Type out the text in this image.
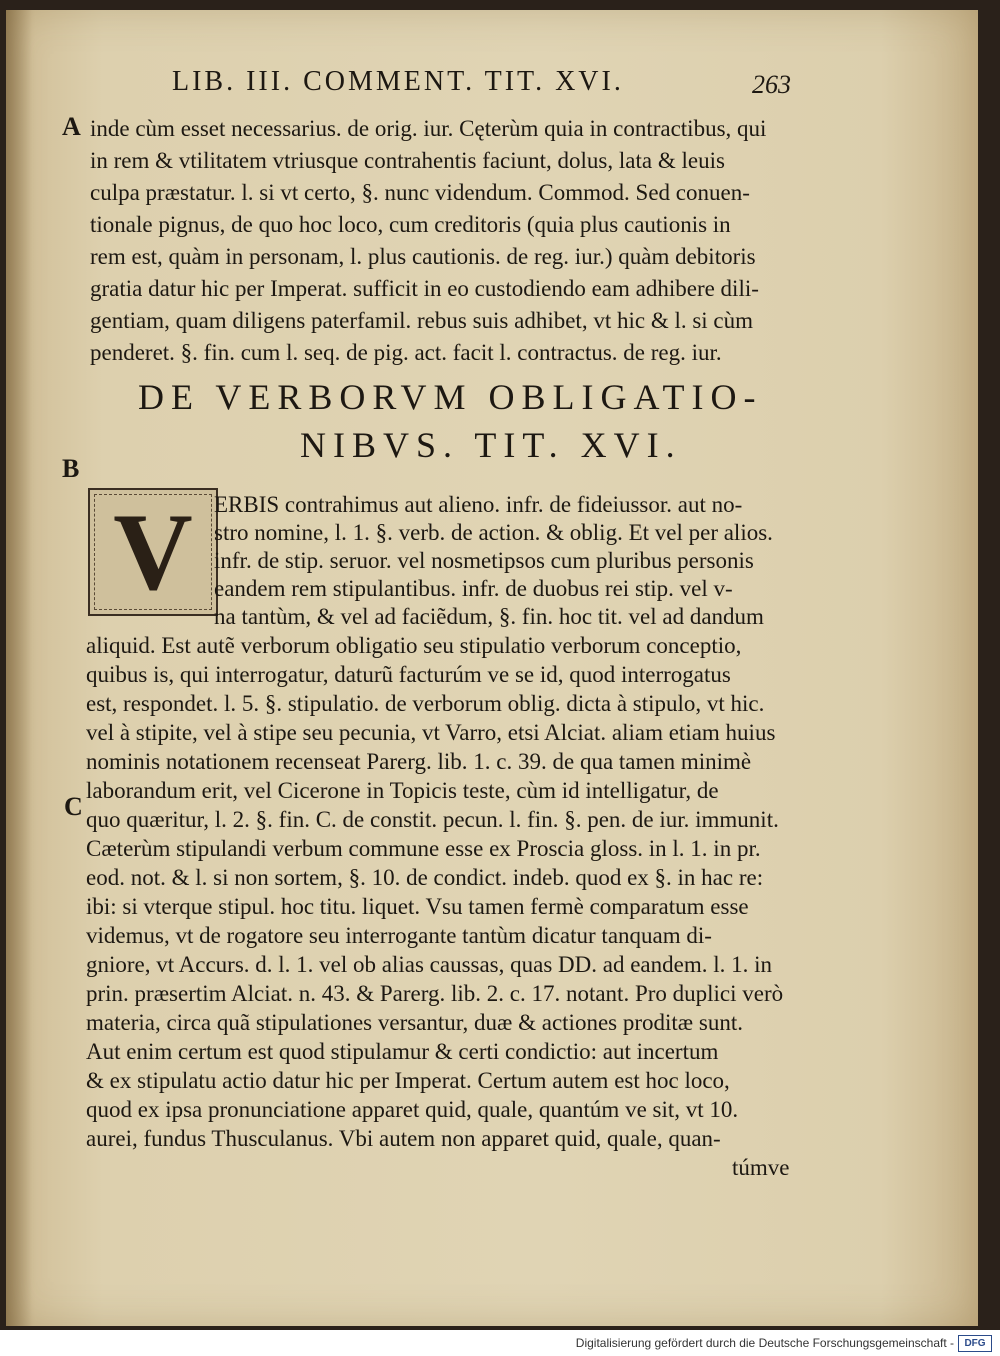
LIB. III. COMMENT. TIT. XVI.	263
A
B
C
inde cùm esset necessarius. de orig. iur. Cęterùm quia in contractibus, qui
in rem & vtilitatem vtriusque contrahentis faciunt, dolus, lata & leuis
culpa præstatur. l. si vt certo, §. nunc videndum. Commod. Sed conuen-
tionale pignus, de quo hoc loco, cum creditoris (quia plus cautionis in
rem est, quàm in personam, l. plus cautionis. de reg. iur.) quàm debitoris
gratia datur hic per Imperat. sufficit in eo custodiendo eam adhibere dili-
gentiam, quam diligens paterfamil. rebus suis adhibet, vt hic & l. si cùm
penderet. §. fin. cum l. seq. de pig. act. facit l. contractus. de reg. iur.
DE VERBORVM OBLIGATIO-
NIBVS. TIT. XVI.
V ERBIS contrahimus aut alieno. infr. de fideiussor. aut no-
stro nomine, l. 1. §. verb. de action. & oblig. Et vel per alios.
infr. de stip. seruor. vel nosmetipsos cum pluribus personis
eandem rem stipulantibus. infr. de duobus rei stip. vel v-
na tantùm, & vel ad faciẽdum, §. fin. hoc tit. vel ad dandum
aliquid. Est autẽ verborum obligatio seu stipulatio verborum conceptio,
quibus is, qui interrogatur, daturũ facturúm ve se id, quod interrogatus
est, respondet. l. 5. §. stipulatio. de verborum oblig. dicta à stipulo, vt hic.
vel à stipite, vel à stipe seu pecunia, vt Varro, etsi Alciat. aliam etiam huius
nominis notationem recenseat Parerg. lib. 1. c. 39. de qua tamen minimè
laborandum erit, vel Cicerone in Topicis teste, cùm id intelligatur, de
quo quæritur, l. 2. §. fin. C. de constit. pecun. l. fin. §. pen. de iur. immunit.
Cæterùm stipulandi verbum commune esse ex Proscia gloss. in l. 1. in pr.
eod. not. & l. si non sortem, §. 10. de condict. indeb. quod ex §. in hac re:
ibi: si vterque stipul. hoc titu. liquet. Vsu tamen fermè comparatum esse
videmus, vt de rogatore seu interrogante tantùm dicatur tanquam di-
gniore, vt Accurs. d. l. 1. vel ob alias caussas, quas DD. ad eandem. l. 1. in
prin. præsertim Alciat. n. 43. & Parerg. lib. 2. c. 17. notant. Pro duplici verò
materia, circa quã stipulationes versantur, duæ & actiones proditæ sunt.
Aut enim certum est quod stipulamur & certi condictio: aut incertum
& ex stipulatu actio datur hic per Imperat. Certum autem est hoc loco,
quod ex ipsa pronunciatione apparet quid, quale, quantúm ve sit, vt 10.
aurei, fundus Thusculanus. Vbi autem non apparet quid, quale, quan-
túmve
Digitalisierung gefördert durch die Deutsche Forschungsgemeinschaft -	DFG
